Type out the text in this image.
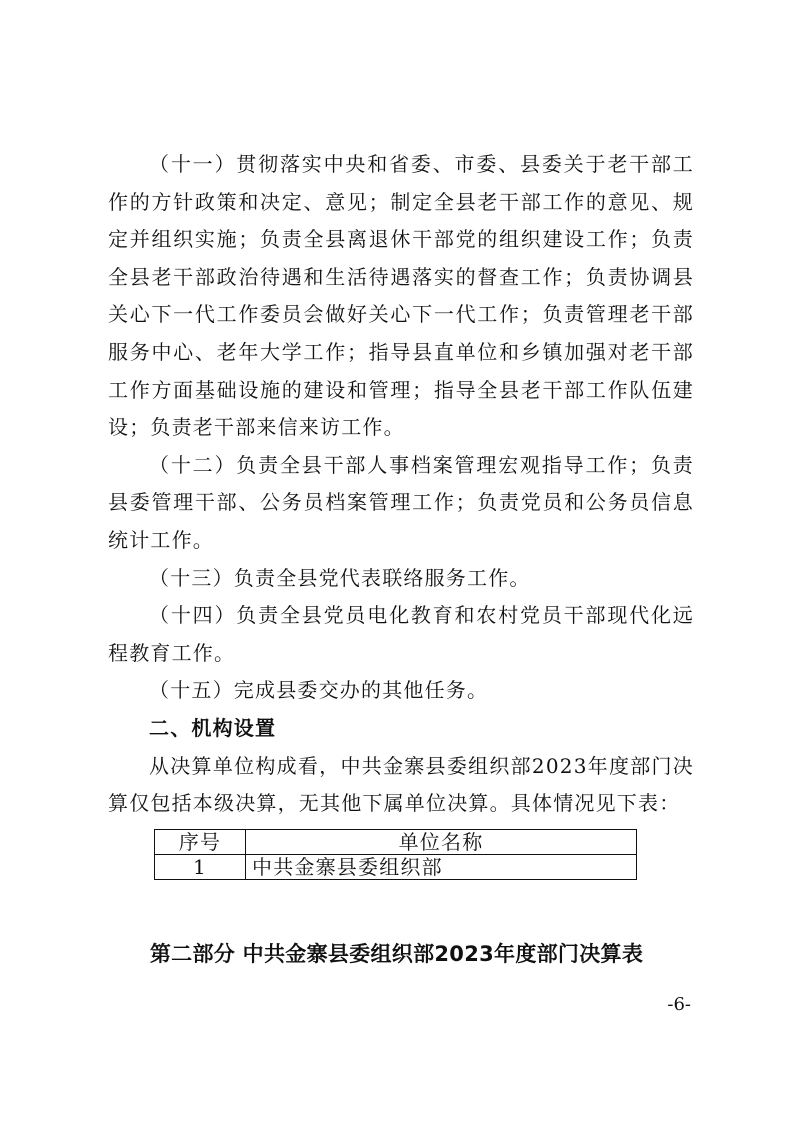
（十一）贯彻落实中央和省委、市委、县委关于老干部工作的方针政策和决定、意见；制定全县老干部工作的意见、规定并组织实施；负责全县离退休干部党的组织建设工作；负责全县老干部政治待遇和生活待遇落实的督查工作；负责协调县关心下一代工作委员会做好关心下一代工作；负责管理老干部服务中心、老年大学工作；指导县直单位和乡镇加强对老干部工作方面基础设施的建设和管理；指导全县老干部工作队伍建设；负责老干部来信来访工作。

（十二）负责全县干部人事档案管理宏观指导工作；负责县委管理干部、公务员档案管理工作；负责党员和公务员信息统计工作。

（十三）负责全县党代表联络服务工作。

（十四）负责全县党员电化教育和农村党员干部现代化远程教育工作。

（十五）完成县委交办的其他任务。

二、机构设置

从决算单位构成看，中共金寨县委组织部2023年度部门决算仅包括本级决算，无其他下属单位决算。具体情况见下表：

序号	单位名称
1	中共金寨县委组织部
第二部分 中共金寨县委组织部2023年度部门决算表
-6-
